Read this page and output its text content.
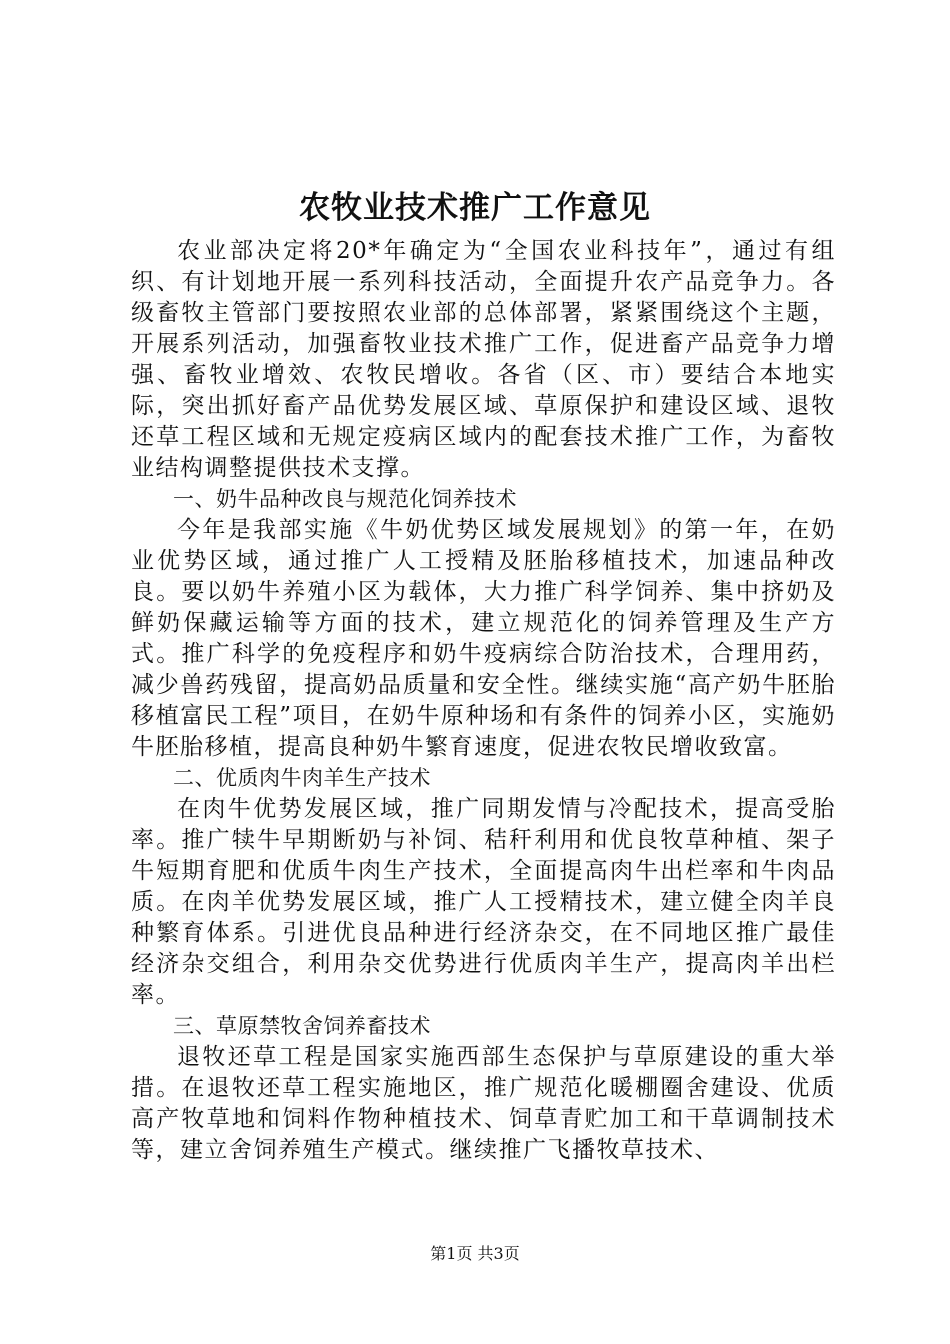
农牧业技术推广工作意见

农业部决定将20*年确定为“全国农业科技年”，通过有组织、有计划地开展一系列科技活动，全面提升农产品竞争力。各级畜牧主管部门要按照农业部的总体部署，紧紧围绕这个主题，开展系列活动，加强畜牧业技术推广工作，促进畜产品竞争力增强、畜牧业增效、农牧民增收。各省（区、市）要结合本地实际，突出抓好畜产品优势发展区域、草原保护和建设区域、退牧还草工程区域和无规定疫病区域内的配套技术推广工作，为畜牧业结构调整提供技术支撑。

一、奶牛品种改良与规范化饲养技术

今年是我部实施《牛奶优势区域发展规划》的第一年，在奶业优势区域，通过推广人工授精及胚胎移植技术，加速品种改良。要以奶牛养殖小区为载体，大力推广科学饲养、集中挤奶及鲜奶保藏运输等方面的技术，建立规范化的饲养管理及生产方式。推广科学的免疫程序和奶牛疫病综合防治技术，合理用药，减少兽药残留，提高奶品质量和安全性。继续实施“高产奶牛胚胎移植富民工程”项目，在奶牛原种场和有条件的饲养小区，实施奶牛胚胎移植，提高良种奶牛繁育速度，促进农牧民增收致富。

二、优质肉牛肉羊生产技术

在肉牛优势发展区域，推广同期发情与冷配技术，提高受胎率。推广犊牛早期断奶与补饲、秸秆利用和优良牧草种植、架子牛短期育肥和优质牛肉生产技术，全面提高肉牛出栏率和牛肉品质。在肉羊优势发展区域，推广人工授精技术，建立健全肉羊良种繁育体系。引进优良品种进行经济杂交，在不同地区推广最佳经济杂交组合，利用杂交优势进行优质肉羊生产，提高肉羊出栏率。

三、草原禁牧舍饲养畜技术

退牧还草工程是国家实施西部生态保护与草原建设的重大举措。在退牧还草工程实施地区，推广规范化暖棚圈舍建设、优质高产牧草地和饲料作物种植技术、饲草青贮加工和干草调制技术等，建立舍饲养殖生产模式。继续推广飞播牧草技术、

第1页 共3页
